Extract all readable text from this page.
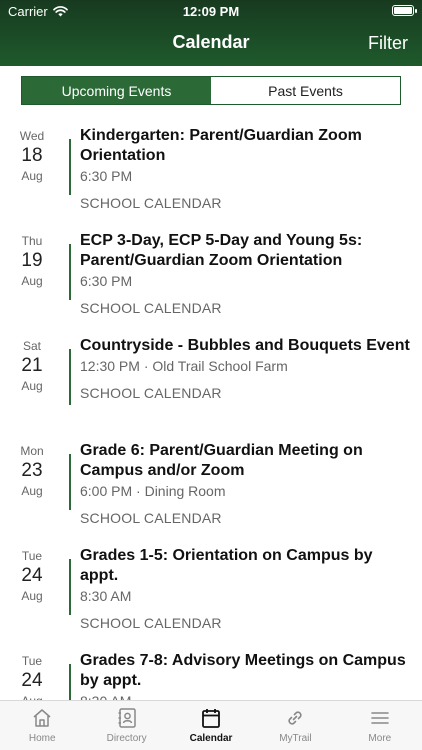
Carrier	12:09 PM
Calendar	Filter
Upcoming Events	Past Events
Wed
18
Aug
Kindergarten: Parent/Guardian Zoom Orientation
6:30 PM
SCHOOL CALENDAR
Thu
19
Aug
ECP 3-Day, ECP 5-Day and Young 5s: Parent/Guardian Zoom Orientation
6:30 PM
SCHOOL CALENDAR
Sat
21
Aug
Countryside - Bubbles and Bouquets Event
12:30 PM · Old Trail School Farm
SCHOOL CALENDAR
Mon
23
Aug
Grade 6: Parent/Guardian Meeting on Campus and/or Zoom
6:00 PM · Dining Room
SCHOOL CALENDAR
Tue
24
Aug
Grades 1-5: Orientation on Campus by appt.
8:30 AM
SCHOOL CALENDAR
Tue
24
Grades 7-8: Advisory Meetings on Campus by appt.
Home	Directory	Calendar	MyTrail	More
